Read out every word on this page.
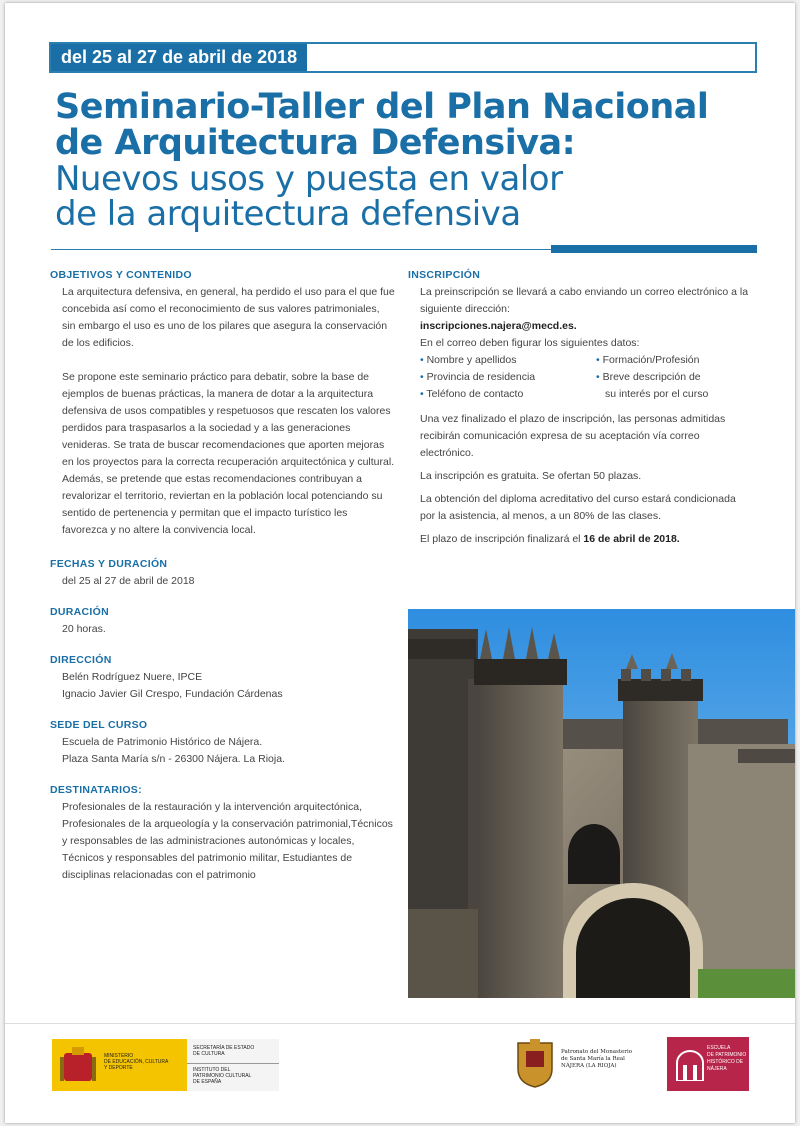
del 25 al 27 de abril de 2018
Seminario-Taller del Plan Nacional
de Arquitectura Defensiva:
Nuevos usos y puesta en valor
de la arquitectura defensiva

OBJETIVOS Y CONTENIDO

La arquitectura defensiva, en general, ha perdido el uso para el que fue concebida así como el reconocimiento de sus valores patrimoniales, sin embargo el uso es uno de los pilares que asegura la conservación de los edificios.

Se propone este seminario práctico para debatir, sobre la base de ejemplos de buenas prácticas, la manera de dotar a la arquitectura defensiva de usos compatibles y respetuosos que rescaten los valores perdidos para traspasarlos a la sociedad y a las generaciones venideras. Se trata de buscar recomendaciones que aporten mejoras en los proyectos para la correcta recuperación arquitectónica y cultural. Además, se pretende que estas recomendaciones contribuyan a revalorizar el territorio, reviertan en la población local potenciando su sentido de pertenencia y permitan que el impacto turístico les favorezca y no altere la convivencia local.

FECHAS Y DURACIÓN

del 25 al 27 de abril de 2018

DURACIÓN

20 horas.

DIRECCIÓN

Belén Rodríguez Nuere, IPCE

Ignacio Javier Gil Crespo, Fundación Cárdenas

SEDE DEL CURSO

Escuela de Patrimonio Histórico de Nájera.

Plaza Santa María s/n - 26300 Nájera. La Rioja.

DESTINATARIOS:

Profesionales de la restauración y la intervención arquitectónica, Profesionales de la arqueología y la conservación patrimonial,Técnicos y responsables de las administraciones autonómicas y locales, Técnicos y responsables del patrimonio militar, Estudiantes de disciplinas relacionadas con el patrimonio

INSCRIPCIÓN

La preinscripción se llevará a cabo enviando un correo electrónico a la siguiente dirección:

inscripciones.najera@mecd.es.

En el correo deben figurar los siguientes datos:

• Nombre y apellidos	• Formación/Profesión
• Provincia de residencia	• Breve descripción de
• Teléfono de contacto	su interés por el curso

Una vez finalizado el plazo de inscripción, las personas admitidas recibirán comunicación expresa de su aceptación vía correo electrónico.

La inscripción es gratuita. Se ofertan 50 plazas.

La obtención del diploma acreditativo del curso estará condicionada por la asistencia, al menos, a un 80% de las clases.

El plazo de inscripción finalizará el 16 de abril de 2018.

MINISTERIO
DE EDUCACIÓN, CULTURA
Y DEPORTE
SECRETARÍA DE ESTADO
DE CULTURA
INSTITUTO DEL
PATRIMONIO CULTURAL
DE ESPAÑA
Patronato del Monasterio
de Santa María la Real
NÁJERA (LA RIOJA)
ESCUELA
DE PATRIMONIO
HISTÓRICO DE
NÁJERA
